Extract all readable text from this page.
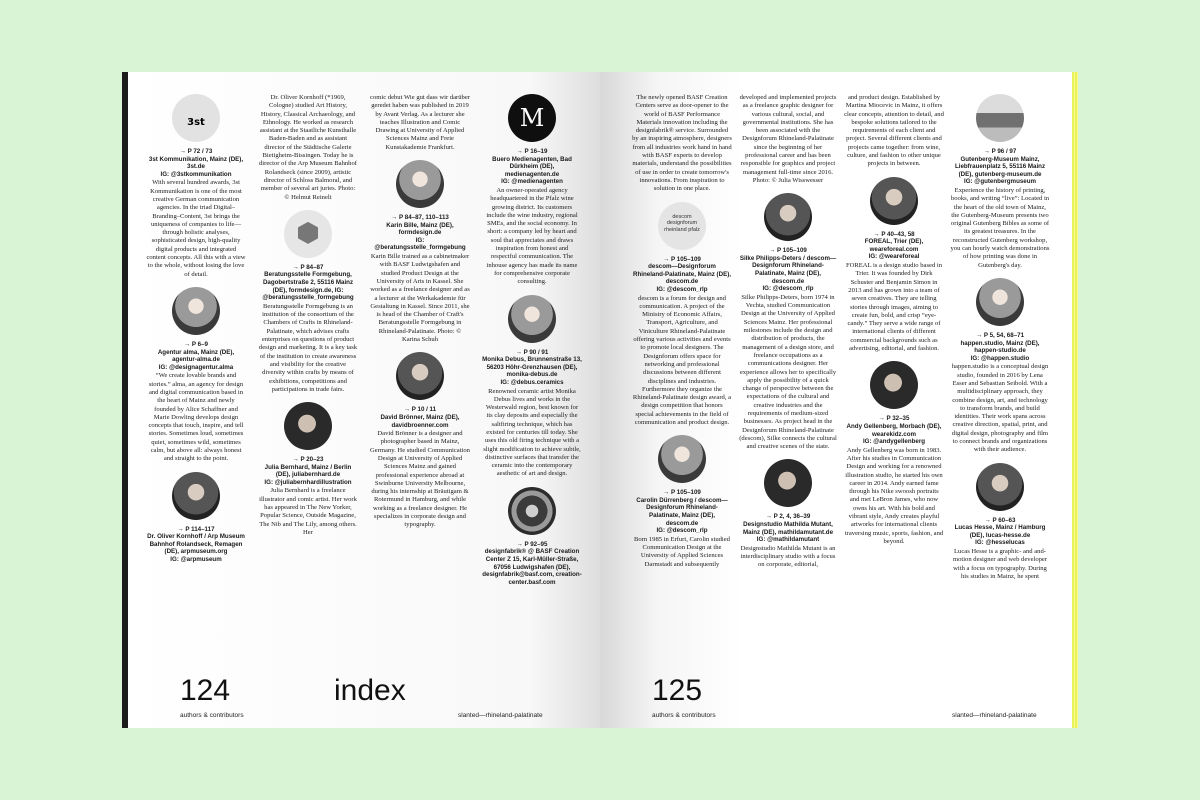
3st
→ P 72 / 73
3st Kommunikation, Mainz (DE), 3st.de
IG: @3stkommunikation
With several hundred awards, 3st Kommunikation is one of the most creative German communication agencies. In the triad Digital–Branding–Content, 3st brings the uniqueness of companies to life—through holistic analyses, sophisticated design, high-quality digital products and integrated content concepts. All this with a view to the whole, without losing the love of detail.
→ P 6–9
Agentur alma, Mainz (DE), agentur-alma.de
IG: @designagentur.alma
“We create lovable brands and stories.” alma, an agency for design and digital communication based in the heart of Mainz and newly founded by Alice Schaffner and Marie Dowling develops design concepts that touch, inspire, and tell stories. Sometimes loud, sometimes quiet, sometimes wild, sometimes calm, but above all: always honest and straight to the point.
→ P 114–117
Dr. Oliver Kornhoff / Arp Museum Bahnhof Rolandseck, Remagen (DE), arpmuseum.org
IG: @arpmuseum
Dr. Oliver Kornhoff (*1969, Cologne) studied Art History, History, Classical Archaeology, and Ethnology. He worked as research assistant at the Staatliche Kunsthalle Baden-Baden and as assistant director of the Städtische Galerie Bietigheim-Bissingen. Today he is director of the Arp Museum Bahnhof Rolandseck (since 2009), artistic director of Schloss Balmoral, and member of several art juries. Photo: © Helmut Reinelt
→ P 84–87
Beratungsstelle Formgebung, Dagobertstraße 2, 55116 Mainz (DE), formdesign.de, IG: @beratungsstelle_formgebung
Beratungsstelle Formgebung is an institution of the consortium of the Chambers of Crafts in Rhineland-Palatinate, which advises crafts enterprises on questions of product design and marketing. It is a key task of the institution to create awareness and visibility for the creative diversity within crafts by means of exhibitions, competitions and participations in trade fairs.
→ P 20–23
Julia Bernhard, Mainz / Berlin (DE), juliabernhard.de
IG: @juliabernhardillustration
Julia Bernhard is a freelance illustrator and comic artist. Her work has appeared in The New Yorker, Popular Science, Outside Magazine, The Nib and The Lily, among others. Her
comic debut Wie gut dass wir darüber geredet haben was published in 2019 by Avant Verlag. As a lecturer she teaches Illustration and Comic Drawing at University of Applied Sciences Mainz and Freie Kunstakademie Frankfurt.
→ P 84–87, 110–113
Karin Bille, Mainz (DE), formdesign.de
IG: @beratungsstelle_formgebung
Karin Bille trained as a cabinetmaker with BASF Ludwigshafen and studied Product Design at the University of Arts in Kassel. She worked as a freelance designer and as a lecturer at the Werkakademie für Gestaltung in Kassel. Since 2011, she is head of the Chamber of Craft's Beratungsstelle Formgebung in Rhineland-Palatinate. Photo: © Karina Schuh
→ P 10 / 11
David Brönner, Mainz (DE), davidbroenner.com
David Brönner is a designer and photographer based in Mainz, Germany. He studied Communication Design at University of Applied Sciences Mainz and gained professional experience abroad at Swinburne University Melbourne, during his internship at Bräutigam & Rotermund in Hamburg, and while working as a freelance designer. He specializes in corporate design and typography.
M
→ P 16–19
Buero Medienagenten, Bad Dürkheim (DE), medienagenten.de
IG: @medienagenten
An owner-operated agency headquartered in the Pfalz wine growing district. Its customers include the wine industry, regional SMEs, and the social economy. In short: a company led by heart and soul that appreciates and draws inspiration from honest and respectful communication. The inhouse agency has made its name for comprehensive corporate consulting.
→ P 90 / 91
Monika Debus, Brunnenstraße 13, 56203 Höhr-Grenzhausen (DE), monika-debus.de
IG: @debus.ceramics
Renowned ceramic artist Monika Debus lives and works in the Westerwald region, best known for its clay deposits and especially the saltfiring technique, which has existed for centuries till today. She uses this old firing technique with a slight modification to achieve subtle, distinctive surfaces that transfer the ceramic into the contemporary aesthetic of art and design.
→ P 92–95
designfabrik® @ BASF Creation Center Z 15, Karl-Müller-Straße, 67056 Ludwigshafen (DE), designfabrik@basf.com, creation-center.basf.com
124	index
authors & contributors	slanted—rhineland-palatinate
The newly opened BASF Creation Centers serve as door-opener to the world of BASF Performance Materials innovation including the designfabrik® service. Surrounded by an inspiring atmosphere, designers from all industries work hand in hand with BASF experts to develop materials, understand the possibilities of use in order to create tomorrow's innovations. From inspiration to solution in one place.
descom designforum rheinland pfalz
→ P 105–109
descom—Designforum Rhineland-Palatinate, Mainz (DE), descom.de
IG: @descom_rlp
descom is a forum for design and communication. A project of the Ministry of Economic Affairs, Transport, Agriculture, and Viniculture Rhineland-Palatinate offering various activities and events to promote local designers. The Designforum offers space for networking and professional discussions between different disciplines and industries. Furthermore they organize the Rhineland-Palatinate design award, a design competition that honors special achievements in the field of communication and product design.
→ P 105–109
Carolin Dürrenberg / descom—Designforum Rhineland-Palatinate, Mainz (DE), descom.de
IG: @descom_rlp
Born 1985 in Erfurt, Carolin studied Communication Design at the University of Applied Sciences Darmstadt and subsequently
developed and implemented projects as a freelance graphic designer for various cultural, social, and governmental institutions. She has been associated with the Designforum Rhineland-Palatinate since the beginning of her professional career and has been responsible for graphics and project management full-time since 2016. Photo: © Julia Wisswesser
→ P 105–109
Silke Philipps-Deters / descom—Designforum Rhineland-Palatinate, Mainz (DE), descom.de
IG: @descom_rlp
Silke Philipps-Deters, born 1974 in Vechta, studied Communication Design at the University of Applied Sciences Mainz. Her professional milestones include the design and distribution of products, the management of a design store, and freelance occupations as a communications designer. Her experience allows her to specifically apply the possibility of a quick change of perspective between the expectations of the cultural and creative industries and the requirements of medium-sized businesses. As project head in the Designforum Rhineland-Palatinate (descom), Silke connects the cultural and creative scenes of the state.
→ P 2, 4, 36–39
Designstudio Mathilda Mutant, Mainz (DE), mathildamutant.de
IG: @mathildamutant
Designstudio Mathilda Mutant is an interdisciplinary studio with a focus on corporate, editorial,
and product design. Established by Martina Miocevic in Mainz, it offers clear concepts, attention to detail, and bespoke solutions tailored to the requirements of each client and project. Several different clients and projects came together: from wine, culture, and fashion to other unique projects in between.
→ P 40–43, 58
FOREAL, Trier (DE), weareforeal.com
IG: @weareforeal
FOREAL is a design studio based in Trier. It was founded by Dirk Schuster and Benjamin Simon in 2013 and has grown into a team of seven creatives. They are telling stories through images, aiming to create fun, bold, and crisp “eye-candy.” They serve a wide range of international clients of different commercial backgrounds such as advertising, editorial, and fashion.
→ P 32–35
Andy Gellenberg, Morbach (DE), wearekidz.com
IG: @andygellenberg
Andy Gellenberg was born in 1983. After his studies in Communication Design and working for a renowned illustration studio, he started his own career in 2014. Andy earned fame through his Nike swoosh portraits and met LeBron James, who now owns his art. With his bold and vibrant style, Andy creates playful artworks for international clients traversing music, sports, fashion, and beyond.
→ P 96 / 97
Gutenberg-Museum Mainz, Liebfrauenplatz 5, 55116 Mainz (DE), gutenberg-museum.de
IG: @gutenbergmuseum
Experience the history of printing, books, and writing “live”: Located in the heart of the old town of Mainz, the Gutenberg-Museum presents two original Gutenberg Bibles as some of its greatest treasures. In the reconstructed Gutenberg workshop, you can hourly watch demonstrations of how printing was done in Gutenberg's day.
→ P 5, 54, 68–71
happen.studio, Mainz (DE), happen-studio.de
IG: @happen.studio
happen.studio is a conceptual design studio, founded in 2016 by Lena Esser and Sebastian Seibold. With a multidisciplinary approach, they combine design, art, and technology to transform brands, and build identities. Their work spans across creative direction, spatial, print, and digital design, photography and film to connect brands and organizations with their audience.
→ P 60–63
Lucas Hesse, Mainz / Hamburg (DE), lucas-hesse.de
IG: @hesselucas
Lucas Hesse is a graphic- and and-motion designer and web developer with a focus on typography. During his studies in Mainz, he spent
125
authors & contributors	slanted—rhineland-palatinate
